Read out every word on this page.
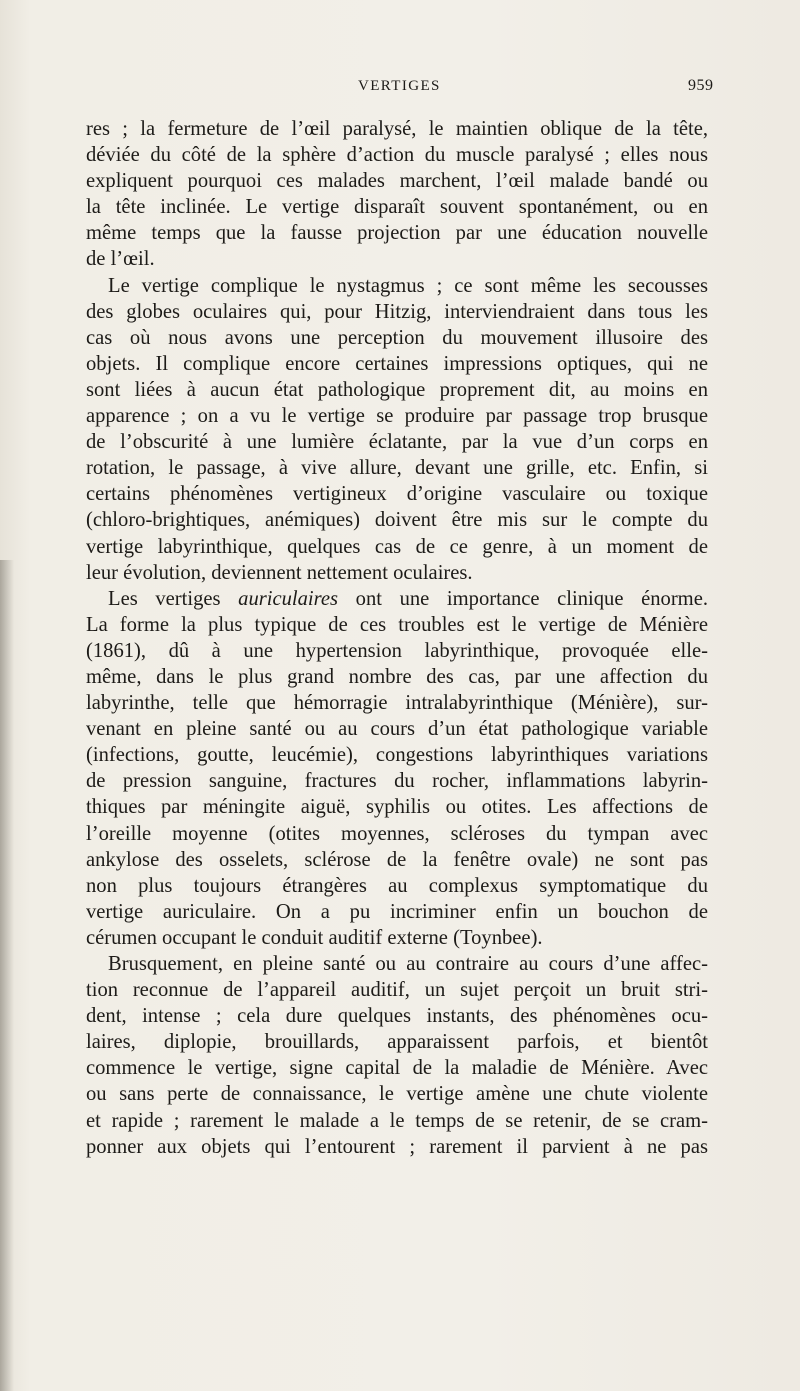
VERTIGES	959
res ; la fermeture de l’œil paralysé, le maintien oblique de la tête,
déviée du côté de la sphère d’action du muscle paralysé ; elles nous
expliquent pourquoi ces malades marchent, l’œil malade bandé ou
la tête inclinée. Le vertige disparaît souvent spontanément, ou en
même temps que la fausse projection par une éducation nouvelle
de l’œil.
Le vertige complique le nystagmus ; ce sont même les secousses
des globes oculaires qui, pour Hitzig, interviendraient dans tous les
cas où nous avons une perception du mouvement illusoire des
objets. Il complique encore certaines impressions optiques, qui ne
sont liées à aucun état pathologique proprement dit, au moins en
apparence ; on a vu le vertige se produire par passage trop brusque
de l’obscurité à une lumière éclatante, par la vue d’un corps en
rotation, le passage, à vive allure, devant une grille, etc. Enfin, si
certains phénomènes vertigineux d’origine vasculaire ou toxique
(chloro-brightiques, anémiques) doivent être mis sur le compte du
vertige labyrinthique, quelques cas de ce genre, à un moment de
leur évolution, deviennent nettement oculaires.
Les vertiges auriculaires ont une importance clinique énorme.
La forme la plus typique de ces troubles est le vertige de Ménière
(1861), dû à une hypertension labyrinthique, provoquée elle-
même, dans le plus grand nombre des cas, par une affection du
labyrinthe, telle que hémorragie intralabyrinthique (Ménière), sur-
venant en pleine santé ou au cours d’un état pathologique variable
(infections, goutte, leucémie), congestions labyrinthiques variations
de pression sanguine, fractures du rocher, inflammations labyrin-
thiques par méningite aiguë, syphilis ou otites. Les affections de
l’oreille moyenne (otites moyennes, scléroses du tympan avec
ankylose des osselets, sclérose de la fenêtre ovale) ne sont pas
non plus toujours étrangères au complexus symptomatique du
vertige auriculaire. On a pu incriminer enfin un bouchon de
cérumen occupant le conduit auditif externe (Toynbee).
Brusquement, en pleine santé ou au contraire au cours d’une affec-
tion reconnue de l’appareil auditif, un sujet perçoit un bruit stri-
dent, intense ; cela dure quelques instants, des phénomènes ocu-
laires, diplopie, brouillards, apparaissent parfois, et bientôt
commence le vertige, signe capital de la maladie de Ménière. Avec
ou sans perte de connaissance, le vertige amène une chute violente
et rapide ; rarement le malade a le temps de se retenir, de se cram-
ponner aux objets qui l’entourent ; rarement il parvient à ne pas
